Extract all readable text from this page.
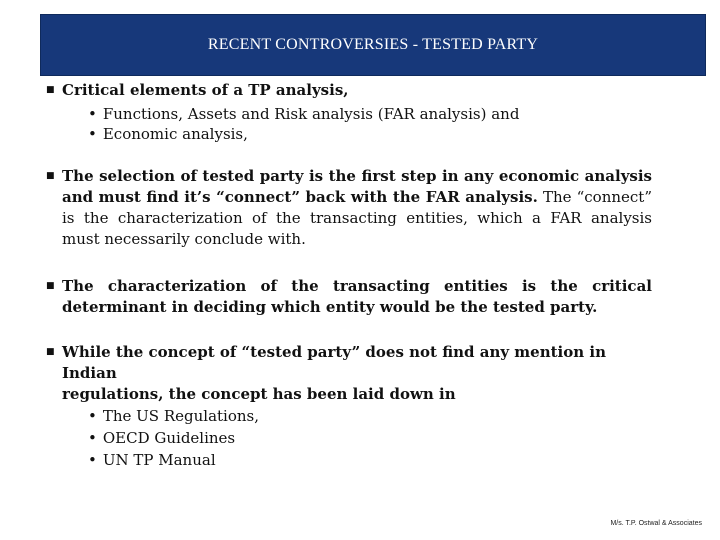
RECENT CONTROVERSIES - TESTED PARTY
■ Critical elements of a TP analysis,
• Functions, Assets and Risk analysis (FAR analysis) and
• Economic analysis,
■ The selection of tested party is the first step in any economic analysis
and must find it’s “connect” back with the FAR analysis. The “connect”
is the characterization of the transacting entities, which a FAR analysis
must necessarily conclude with.
■ The characterization of the transacting entities is the critical
determinant in deciding which entity would be the tested party.
■ While the concept of “tested party” does not find any mention in Indian
regulations, the concept has been laid down in
• The US Regulations,
• OECD Guidelines
• UN TP Manual
M/s. T.P. Ostwal & Associates
